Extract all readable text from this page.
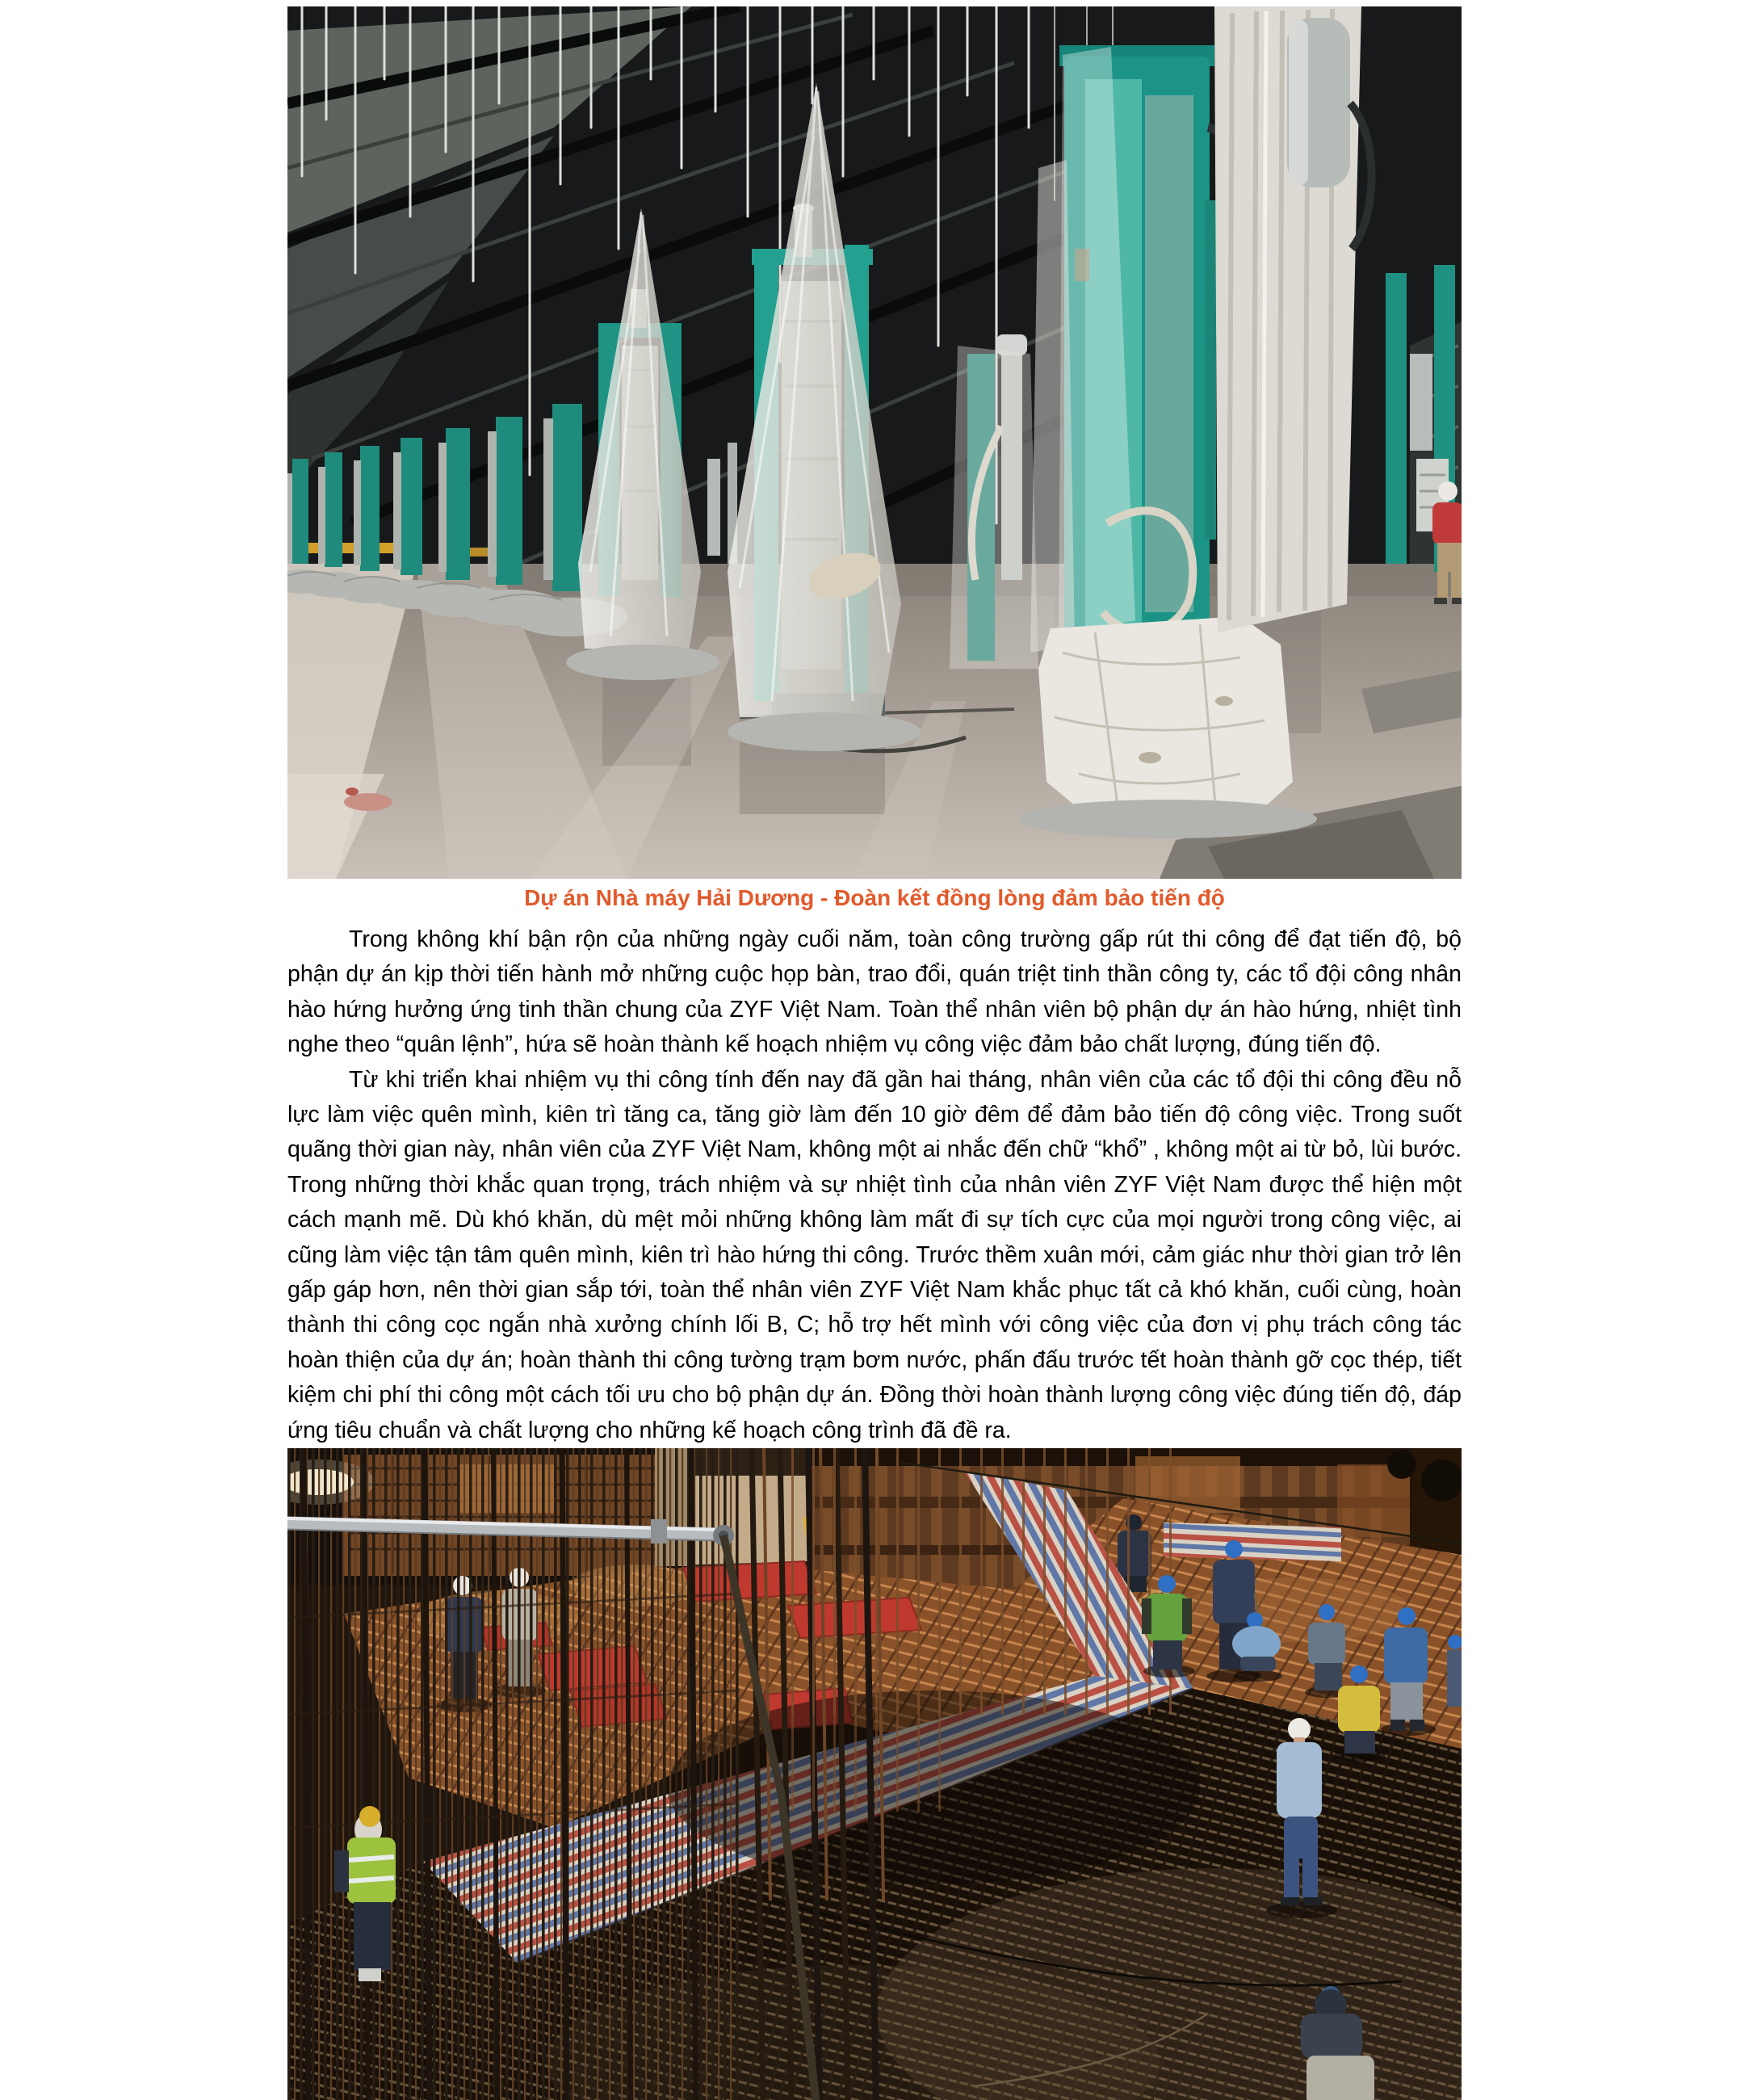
Dự án Nhà máy Hải Dương - Đoàn kết đồng lòng đảm bảo tiến độ

Trong không khí bận rộn của những ngày cuối năm, toàn công trường gấp rút thi công để đạt tiến độ, bộ phận dự án kịp thời tiến hành mở những cuộc họp bàn, trao đổi, quán triệt tinh thần công ty, các tổ đội công nhân hào hứng hưởng ứng tinh thần chung của ZYF Việt Nam. Toàn thể nhân viên bộ phận dự án hào hứng, nhiệt tình nghe theo “quân lệnh”, hứa sẽ hoàn thành kế hoạch nhiệm vụ công việc đảm bảo chất lượng, đúng tiến độ.

Từ khi triển khai nhiệm vụ thi công tính đến nay đã gần hai tháng, nhân viên của các tổ đội thi công đều nỗ lực làm việc quên mình, kiên trì tăng ca, tăng giờ làm đến 10 giờ đêm để đảm bảo tiến độ công việc. Trong suốt quãng thời gian này, nhân viên của ZYF Việt Nam, không một ai nhắc đến chữ “khổ” , không một ai từ bỏ, lùi bước. Trong những thời khắc quan trọng, trách nhiệm và sự nhiệt tình của nhân viên ZYF Việt Nam được thể hiện một cách mạnh mẽ. Dù khó khăn, dù mệt mỏi những không làm mất đi sự tích cực của mọi người trong công việc, ai cũng làm việc tận tâm quên mình, kiên trì hào hứng thi công. Trước thềm xuân mới, cảm giác như thời gian trở lên gấp gáp hơn, nên thời gian sắp tới, toàn thể nhân viên ZYF Việt Nam khắc phục tất cả khó khăn, cuối cùng, hoàn thành thi công cọc ngắn nhà xưởng chính lối B, C; hỗ trợ hết mình với công việc của đơn vị phụ trách công tác hoàn thiện của dự án; hoàn thành thi công tường trạm bơm nước, phấn đấu trước tết hoàn thành gỡ cọc thép, tiết kiệm chi phí thi công một cách tối ưu cho bộ phận dự án. Đồng thời hoàn thành lượng công việc đúng tiến độ, đáp ứng tiêu chuẩn và chất lượng cho những kế hoạch công trình đã đề ra.
